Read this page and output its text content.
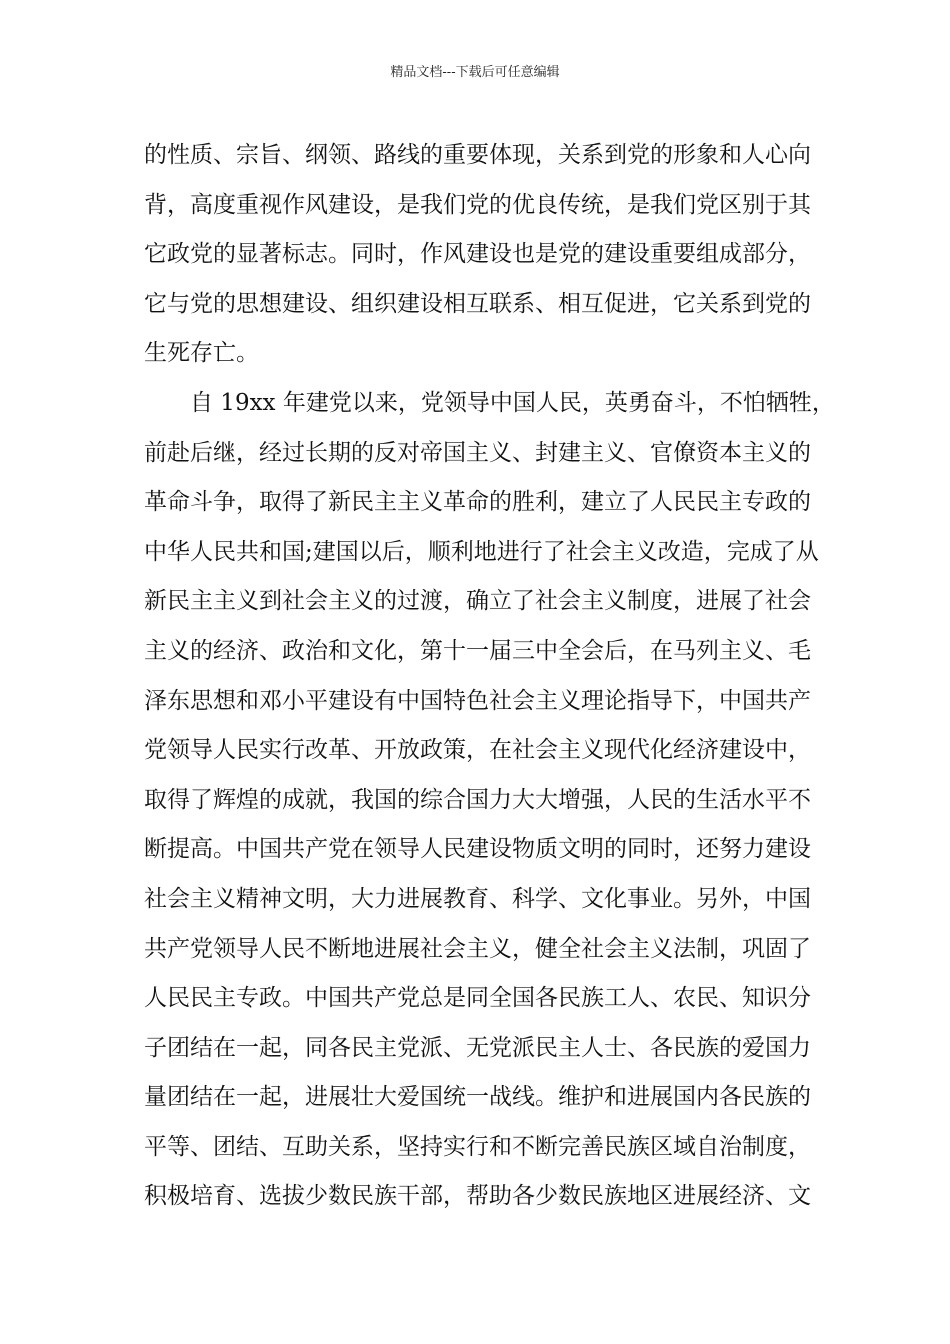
精品文档---下载后可任意编辑
的性质、宗旨、纲领、路线的重要体现，关系到党的形象和人心向
背，高度重视作风建设，是我们党的优良传统，是我们党区别于其
它政党的显著标志。同时，作风建设也是党的建设重要组成部分，
它与党的思想建设、组织建设相互联系、相互促进，它关系到党的
生死存亡。
自 19xx 年建党以来，党领导中国人民，英勇奋斗，不怕牺牲，
前赴后继，经过长期的反对帝国主义、封建主义、官僚资本主义的
革命斗争，取得了新民主主义革命的胜利，建立了人民民主专政的
中华人民共和国;建国以后，顺利地进行了社会主义改造，完成了从
新民主主义到社会主义的过渡，确立了社会主义制度，进展了社会
主义的经济、政治和文化，第十一届三中全会后，在马列主义、毛
泽东思想和邓小平建设有中国特色社会主义理论指导下，中国共产
党领导人民实行改革、开放政策，在社会主义现代化经济建设中，
取得了辉煌的成就，我国的综合国力大大增强，人民的生活水平不
断提高。中国共产党在领导人民建设物质文明的同时，还努力建设
社会主义精神文明，大力进展教育、科学、文化事业。另外，中国
共产党领导人民不断地进展社会主义，健全社会主义法制，巩固了
人民民主专政。中国共产党总是同全国各民族工人、农民、知识分
子团结在一起，同各民主党派、无党派民主人士、各民族的爱国力
量团结在一起，进展壮大爱国统一战线。维护和进展国内各民族的
平等、团结、互助关系，坚持实行和不断完善民族区域自治制度，
积极培育、选拔少数民族干部，帮助各少数民族地区进展经济、文
